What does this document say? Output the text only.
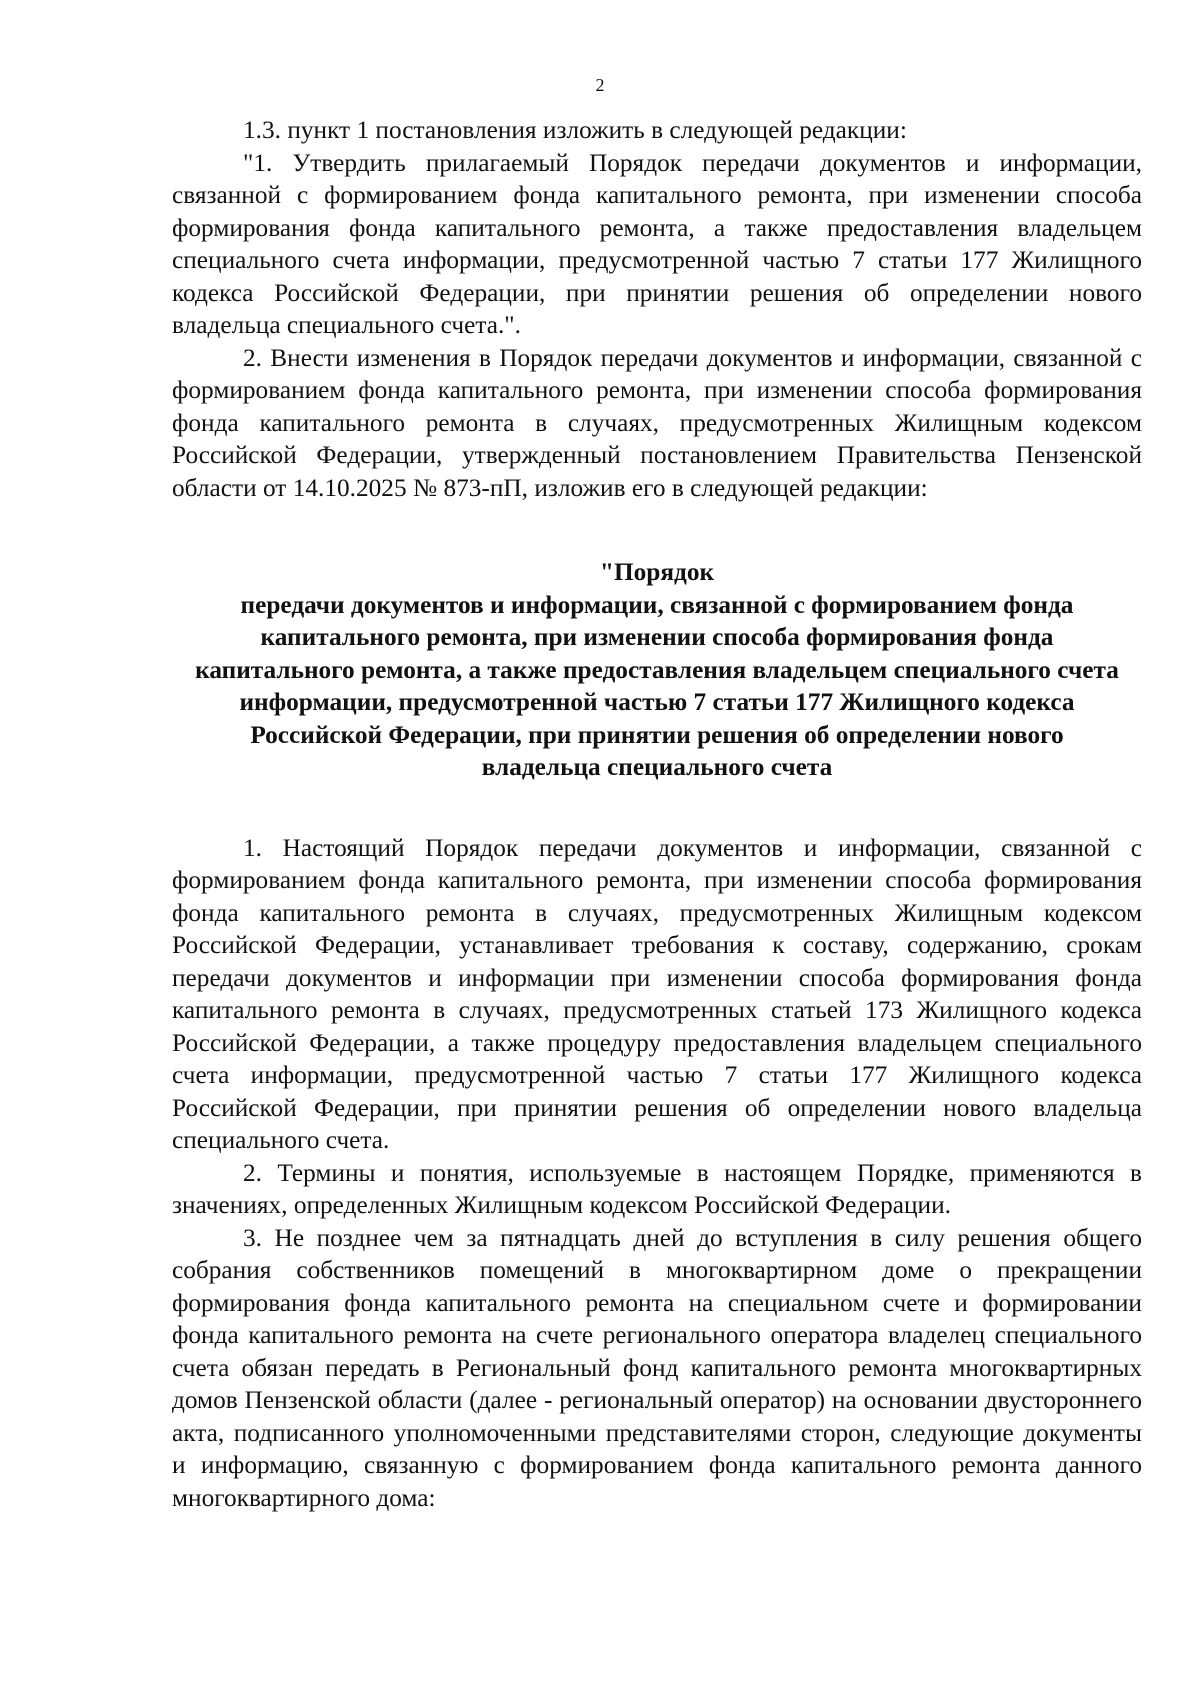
2

1.3. пункт 1 постановления изложить в следующей редакции:

"1. Утвердить прилагаемый Порядок передачи документов и информации, связанной с формированием фонда капитального ремонта, при изменении способа формирования фонда капитального ремонта, а также предоставления владельцем специального счета информации, предусмотренной частью 7 статьи 177 Жилищного кодекса Российской Федерации, при принятии решения об определении нового владельца специального счета.".

2. Внести изменения в Порядок передачи документов и информации, связанной с формированием фонда капитального ремонта, при изменении способа формирования фонда капитального ремонта в случаях, предусмотренных Жилищным кодексом Российской Федерации, утвержденный постановлением Правительства Пензенской области от 14.10.2025 № 873-пП, изложив его в следующей редакции:

"Порядок
передачи документов и информации, связанной с формированием фонда капитального ремонта, при изменении способа формирования фонда капитального ремонта, а также предоставления владельцем специального счета информации, предусмотренной частью 7 статьи 177 Жилищного кодекса Российской Федерации, при принятии решения об определении нового владельца специального счета

1. Настоящий Порядок передачи документов и информации, связанной с формированием фонда капитального ремонта, при изменении способа формирования фонда капитального ремонта в случаях, предусмотренных Жилищным кодексом Российской Федерации, устанавливает требования к составу, содержанию, срокам передачи документов и информации при изменении способа формирования фонда капитального ремонта в случаях, предусмотренных статьей 173 Жилищного кодекса Российской Федерации, а также процедуру предоставления владельцем специального счета информации, предусмотренной частью 7 статьи 177 Жилищного кодекса Российской Федерации, при принятии решения об определении нового владельца специального счета.

2. Термины и понятия, используемые в настоящем Порядке, применяются в значениях, определенных Жилищным кодексом Российской Федерации.

3. Не позднее чем за пятнадцать дней до вступления в силу решения общего собрания собственников помещений в многоквартирном доме о прекращении формирования фонда капитального ремонта на специальном счете и формировании фонда капитального ремонта на счете регионального оператора владелец специального счета обязан передать в Региональный фонд капитального ремонта многоквартирных домов Пензенской области (далее - региональный оператор) на основании двустороннего акта, подписанного уполномоченными представителями сторон, следующие документы и информацию, связанную с формированием фонда капитального ремонта данного многоквартирного дома:
